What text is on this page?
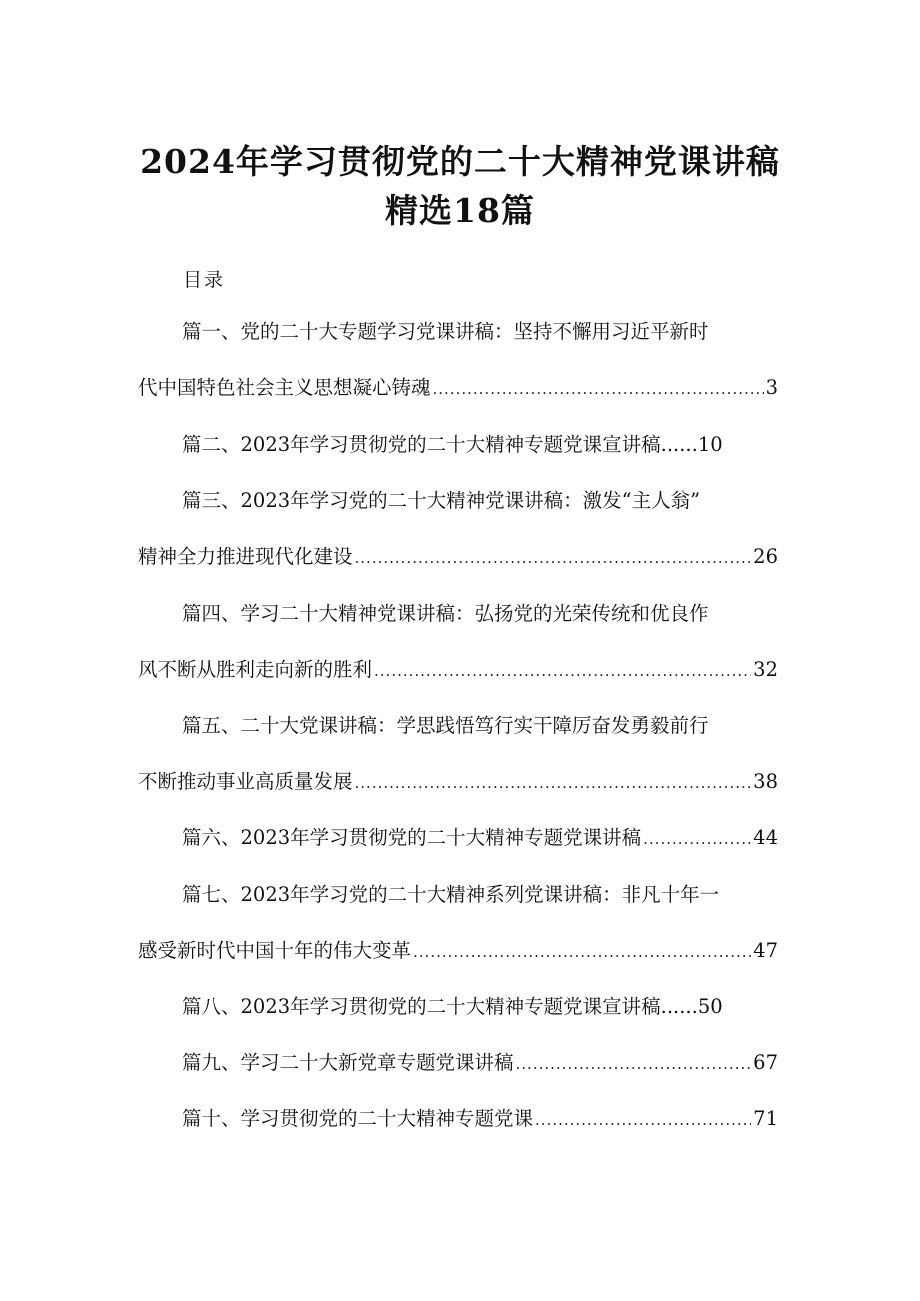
2024年学习贯彻党的二十大精神党课讲稿
精选18篇
目录
篇一、党的二十大专题学习党课讲稿：坚持不懈用习近平新时
代中国特色社会主义思想凝心铸魂 .....	3
篇二、2023年学习贯彻党的二十大精神专题党课宣讲稿...... 10
篇三、2023年学习党的二十大精神党课讲稿：激发“主人翁”
精神全力推进现代化建设 .....	26
篇四、学习二十大精神党课讲稿：弘扬党的光荣传统和优良作
风不断从胜利走向新的胜利 .....	32
篇五、二十大党课讲稿：学思践悟笃行实干障厉奋发勇毅前行
不断推动事业高质量发展 .....	38
篇六、2023年学习贯彻党的二十大精神专题党课讲稿 .....	44
篇七、2023年学习党的二十大精神系列党课讲稿：非凡十年一
感受新时代中国十年的伟大变革 .....	47
篇八、2023年学习贯彻党的二十大精神专题党课宣讲稿...... 50
篇九、学习二十大新党章专题党课讲稿 .....	67
篇十、学习贯彻党的二十大精神专题党课 .....	71
